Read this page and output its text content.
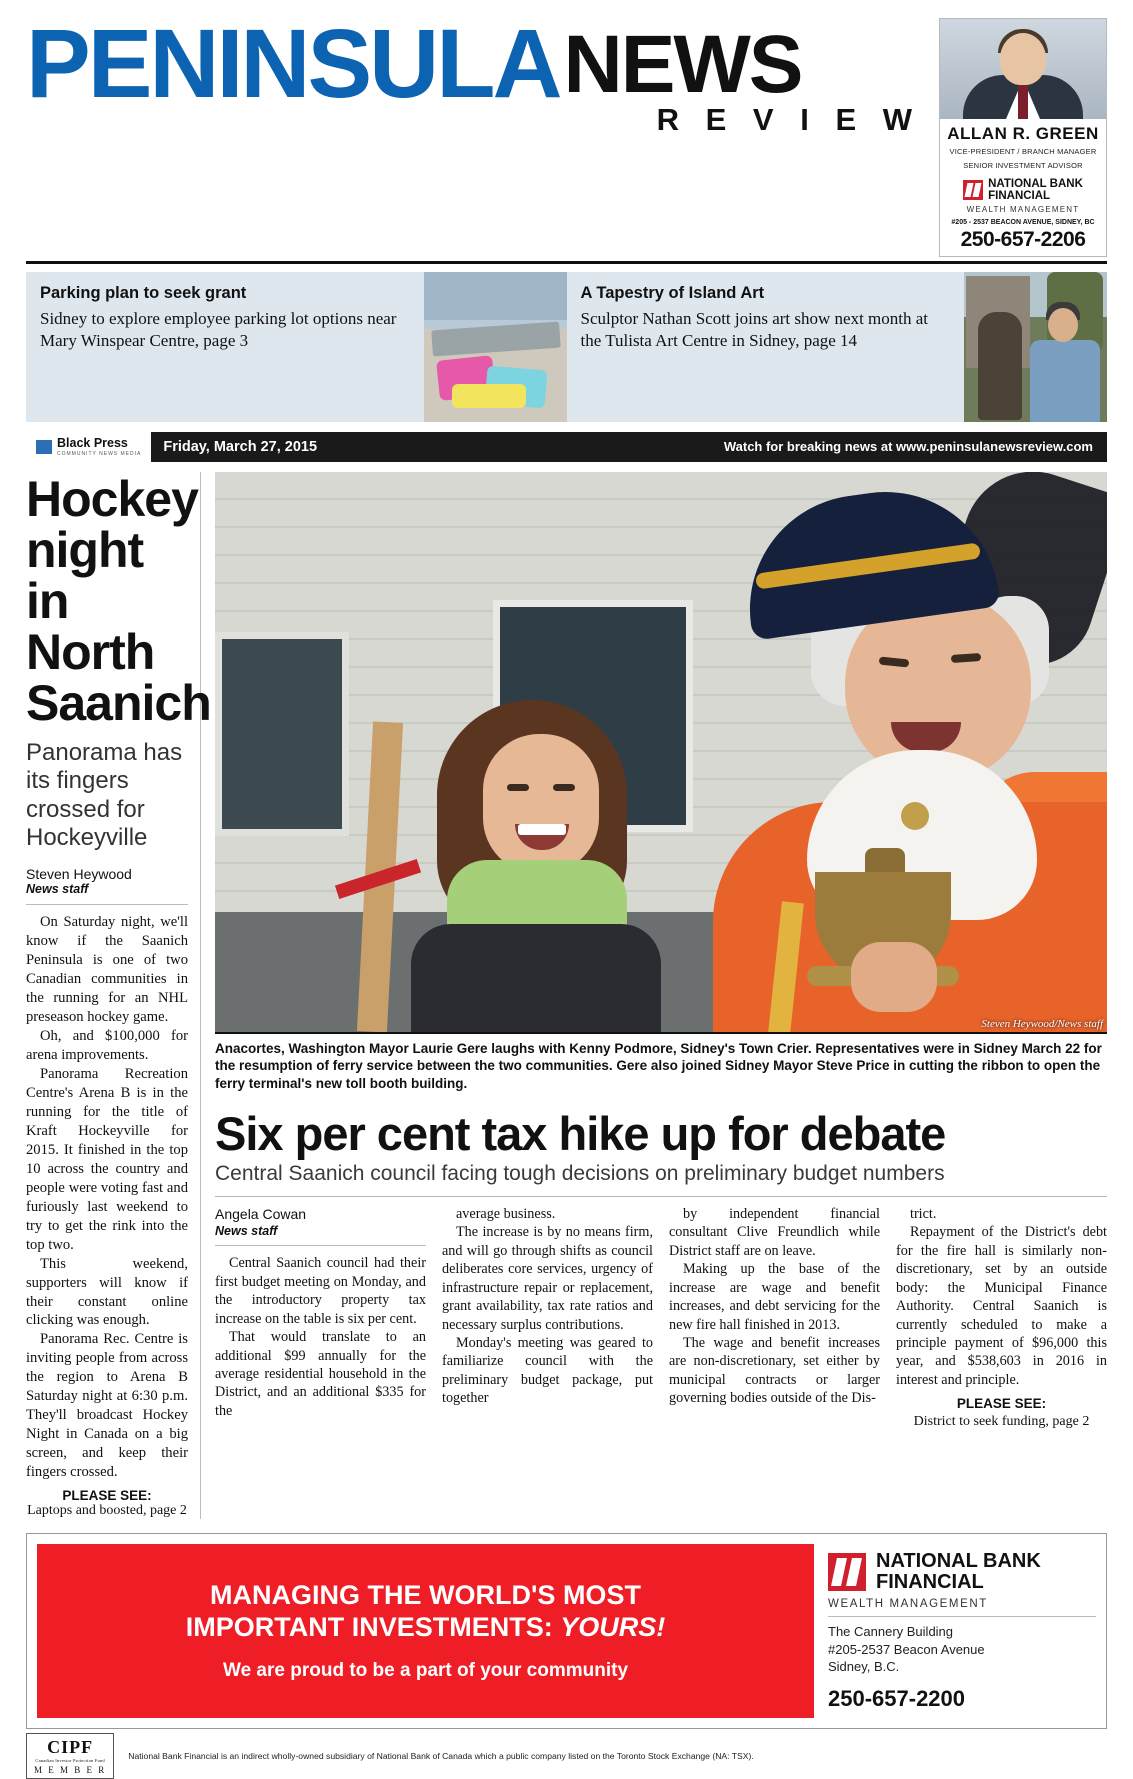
PENINSULANEWS
R E V I E W	ALLAN R. GREEN
VICE-PRESIDENT / BRANCH MANAGER
SENIOR INVESTMENT ADVISOR
NATIONAL BANK
FINANCIAL
WEALTH MANAGEMENT
#205 - 2537 BEACON AVENUE, SIDNEY, BC
250-657-2206
Parking plan to seek grant
Sidney to explore employee parking lot options near Mary Winspear Centre, page 3
A Tapestry of Island Art
Sculptor Nathan Scott joins art show next month at the Tulista Art Centre in Sidney, page 14
Black Press
COMMUNITY NEWS MEDIA Friday, March 27, 2015	Watch for breaking news at www.peninsulanewsreview.com
Hockey night in North Saanich
Panorama has its fingers crossed for Hockeyville
Steven Heywood
News staff

On Saturday night, we'll know if the Saanich Peninsula is one of two Canadian communities in the running for an NHL preseason hockey game.

Oh, and $100,000 for arena improvements.

Panorama Recreation Centre's Arena B is in the running for the title of Kraft Hockeyville for 2015. It finished in the top 10 across the country and people were voting fast and furiously last weekend to try to get the rink into the top two.

This weekend, supporters will know if their constant online clicking was enough.

Panorama Rec. Centre is inviting people from across the region to Arena B Saturday night at 6:30 p.m. They'll broadcast Hockey Night in Canada on a big screen, and keep their fingers crossed.

PLEASE SEE:
Laptops and boosted, page 2
Steven Heywood/News staff
Anacortes, Washington Mayor Laurie Gere laughs with Kenny Podmore, Sidney's Town Crier. Representatives were in Sidney March 22 for the resumption of ferry service between the two communities. Gere also joined Sidney Mayor Steve Price in cutting the ribbon to open the ferry terminal's new toll booth building.
Six per cent tax hike up for debate
Central Saanich council facing tough decisions on preliminary budget numbers
Angela Cowan
News staff

Central Saanich council had their first budget meeting on Monday, and the introductory property tax increase on the table is six per cent.

That would translate to an additional $99 annually for the average residential household in the District, and an additional $335 for the

average business.

The increase is by no means firm, and will go through shifts as council deliberates core services, urgency of infrastructure repair or replacement, grant availability, tax rate ratios and necessary surplus contributions.

Monday's meeting was geared to familiarize council with the preliminary budget package, put together

by independent financial consultant Clive Freundlich while District staff are on leave.

Making up the base of the increase are wage and benefit increases, and debt servicing for the new fire hall finished in 2013.

The wage and benefit increases are non-discretionary, set either by municipal contracts or larger governing bodies outside of the Dis-

trict.

Repayment of the District's debt for the fire hall is similarly non-discretionary, set by an outside body: the Municipal Finance Authority. Central Saanich is currently scheduled to make a principle payment of $96,000 this year, and $538,603 in 2016 in interest and principle.

PLEASE SEE:
District to seek funding, page 2
MANAGING THE WORLD'S MOST
IMPORTANT INVESTMENTS: YOURS!
We are proud to be a part of your community
NATIONAL BANK
FINANCIAL
WEALTH MANAGEMENT
The Cannery Building
#205-2537 Beacon Avenue
Sidney, B.C.
250-657-2200
CIPF
Canadian Investor Protection Fund
M E M B E R
National Bank Financial is an indirect wholly-owned subsidiary of National Bank of Canada which a public company listed on the Toronto Stock Exchange (NA: TSX).
